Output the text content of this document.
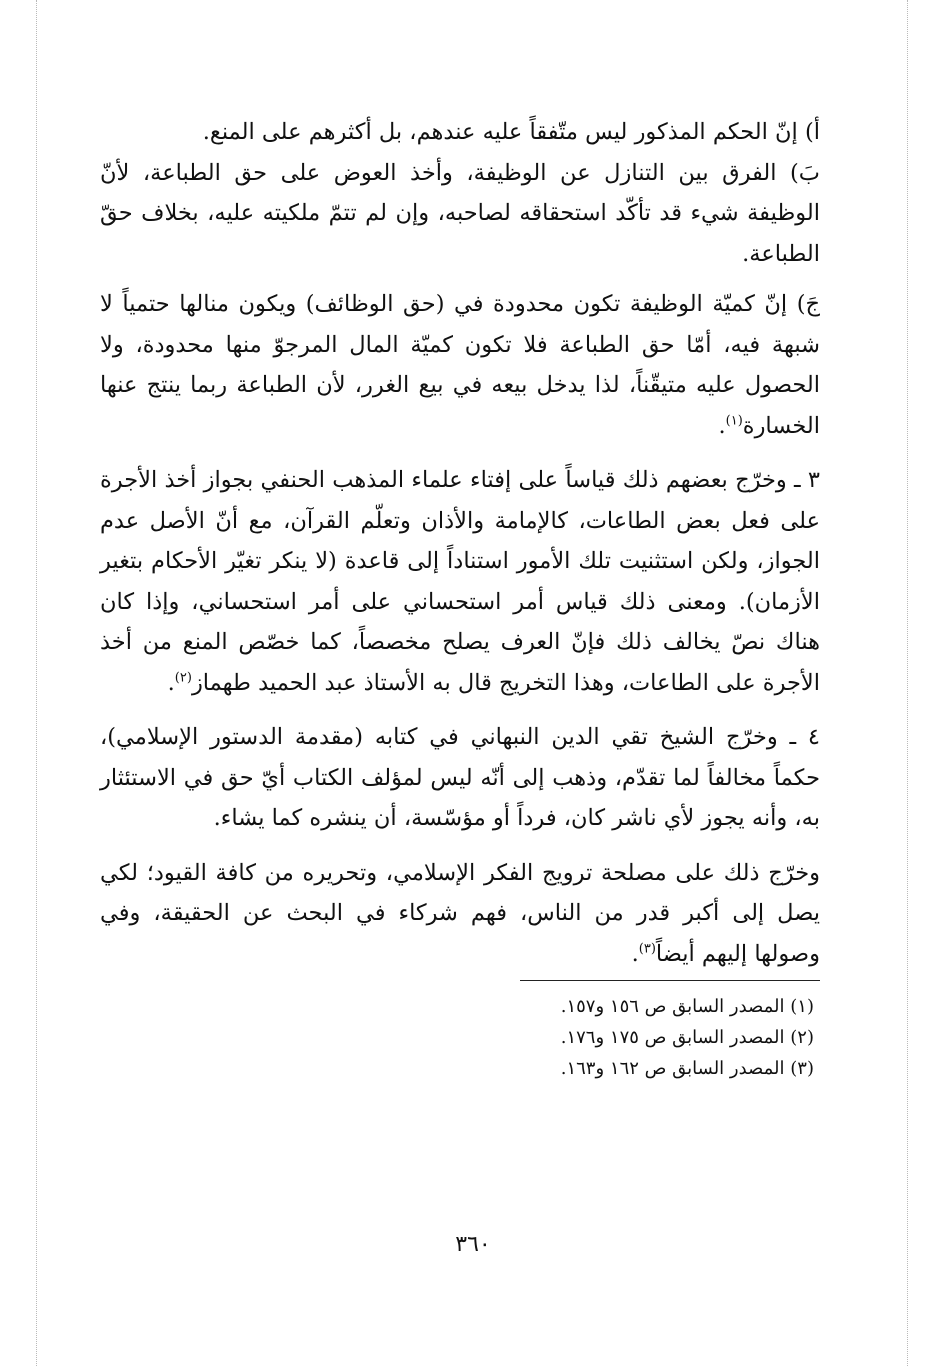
أ) إنّ الحكم المذكور ليس متّفقاً عليه عندهم، بل أكثرهم على المنع.
بَ) الفرق بين التنازل عن الوظيفة، وأخذ العوض على حق الطباعة، لأنّ الوظيفة شيء قد تأكّد استحقاقه لصاحبه، وإن لم تتمّ ملكيته عليه، بخلاف حقّ الطباعة.
جَ) إنّ كميّة الوظيفة تكون محدودة في (حق الوظائف) ويكون منالها حتمياً لا شبهة فيه، أمّا حق الطباعة فلا تكون كميّة المال المرجوّ منها محدودة، ولا الحصول عليه متيقّناً، لذا يدخل بيعه في بيع الغرر، لأن الطباعة ربما ينتج عنها الخسارة$^{(١)}$.
٣ ـ وخرّج بعضهم ذلك قياساً على إفتاء علماء المذهب الحنفي بجواز أخذ الأجرة على فعل بعض الطاعات، كالإمامة والأذان وتعلّم القرآن، مع أنّ الأصل عدم الجواز، ولكن استثنيت تلك الأمور استناداً إلى قاعدة (لا ينكر تغيّر الأحكام بتغير الأزمان). ومعنى ذلك قياس أمر استحساني على أمر استحساني، وإذا كان هناك نصّ يخالف ذلك فإنّ العرف يصلح مخصصاً، كما خصّص المنع من أخذ الأجرة على الطاعات، وهذا التخريج قال به الأستاذ عبد الحميد طهماز$^{(٢)}$.
٤ ـ وخرّج الشيخ تقي الدين النبهاني في كتابه (مقدمة الدستور الإسلامي)، حكماً مخالفاً لما تقدّم، وذهب إلى أنّه ليس لمؤلف الكتاب أيّ حق في الاستئثار به، وأنه يجوز لأي ناشر كان، فرداً أو مؤسّسة، أن ينشره كما يشاء.

وخرّج ذلك على مصلحة ترويج الفكر الإسلامي، وتحريره من كافة القيود؛ لكي يصل إلى أكبر قدر من الناس، فهم شركاء في البحث عن الحقيقة، وفي وصولها إليهم أيضاً$^{(٣)}$.

(١) المصدر السابق ص ١٥٦ و١٥٧.

(٢) المصدر السابق ص ١٧٥ و١٧٦.

(٣) المصدر السابق ص ١٦٢ و١٦٣.

٣٦٠
